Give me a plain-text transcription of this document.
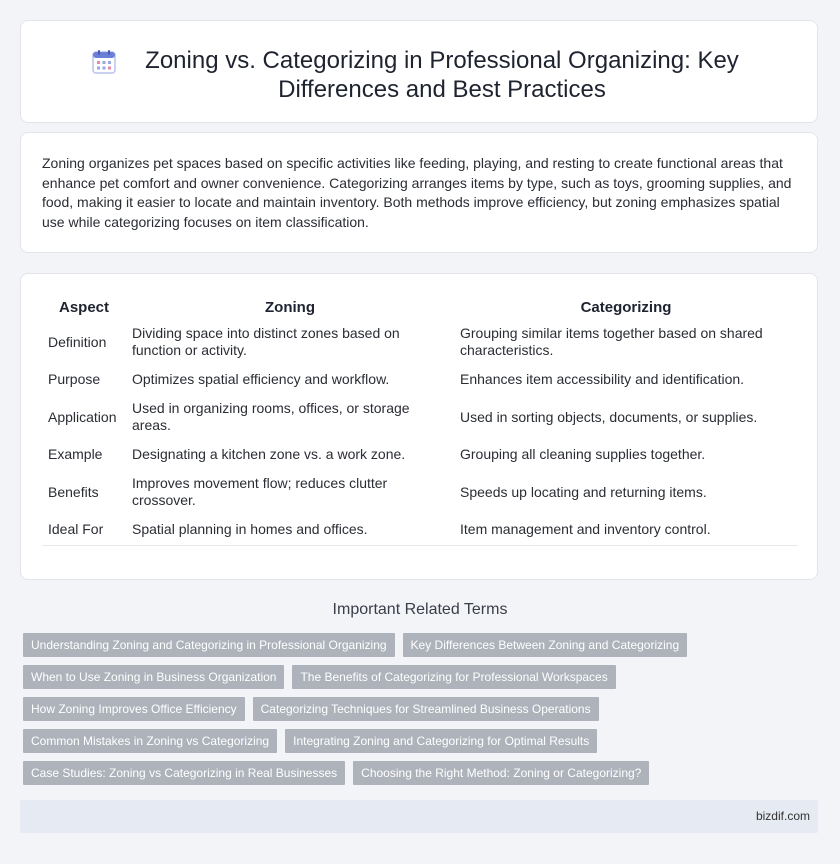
Zoning vs. Categorizing in Professional Organizing: Key Differences and Best Practices

Zoning organizes pet spaces based on specific activities like feeding, playing, and resting to create functional areas that enhance pet comfort and owner convenience. Categorizing arranges items by type, such as toys, grooming supplies, and food, making it easier to locate and maintain inventory. Both methods improve efficiency, but zoning emphasizes spatial use while categorizing focuses on item classification.

Aspect	Zoning	Categorizing
Definition	Dividing space into distinct zones based on function or activity.	Grouping similar items together based on shared characteristics.
Purpose	Optimizes spatial efficiency and workflow.	Enhances item accessibility and identification.
Application	Used in organizing rooms, offices, or storage areas.	Used in sorting objects, documents, or supplies.
Example	Designating a kitchen zone vs. a work zone.	Grouping all cleaning supplies together.
Benefits	Improves movement flow; reduces clutter crossover.	Speeds up locating and returning items.
Ideal For	Spatial planning in homes and offices.	Item management and inventory control.
Important Related Terms
Understanding Zoning and Categorizing in Professional Organizing	Key Differences Between Zoning and Categorizing
When to Use Zoning in Business Organization	The Benefits of Categorizing for Professional Workspaces
How Zoning Improves Office Efficiency	Categorizing Techniques for Streamlined Business Operations
Common Mistakes in Zoning vs Categorizing	Integrating Zoning and Categorizing for Optimal Results
Case Studies: Zoning vs Categorizing in Real Businesses	Choosing the Right Method: Zoning or Categorizing?
bizdif.com
